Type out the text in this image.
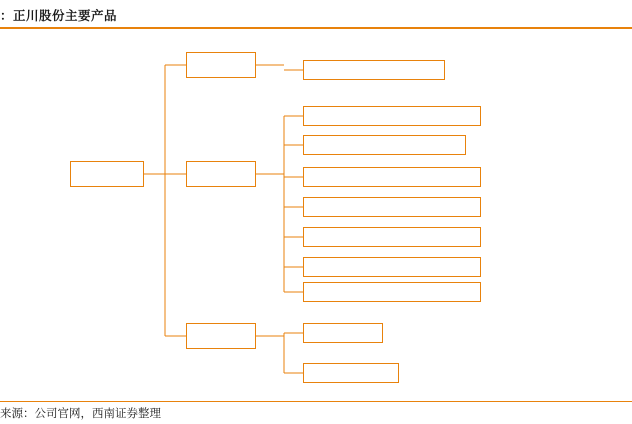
：正川股份主要产品
来源：公司官网，西南证券整理
